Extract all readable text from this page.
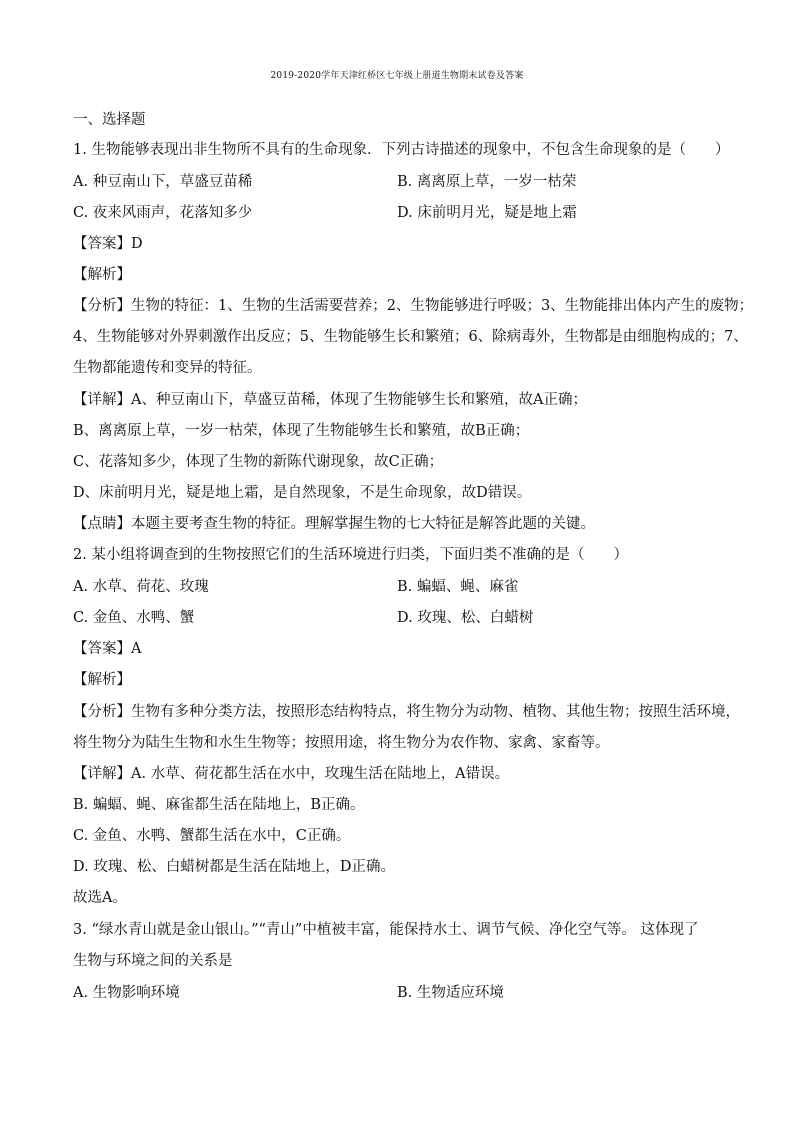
2019-2020学年天津红桥区七年级上册道生物期末试卷及答案
一、选择题
1. 生物能够表现出非生物所不具有的生命现象．下列古诗描述的现象中，不包含生命现象的是（　　）
A. 种豆南山下，草盛豆苗稀	B. 离离原上草，一岁一枯荣
C. 夜来风雨声，花落知多少	D. 床前明月光，疑是地上霜
【答案】D
【解析】
【分析】生物的特征：1、生物的生活需要营养；2、生物能够进行呼吸；3、生物能排出体内产生的废物；
4、生物能够对外界刺激作出反应；5、生物能够生长和繁殖；6、除病毒外，生物都是由细胞构成的；7、
生物都能遗传和变异的特征。
【详解】A、种豆南山下，草盛豆苗稀，体现了生物能够生长和繁殖，故A正确；
B、离离原上草，一岁一枯荣，体现了生物能够生长和繁殖，故B正确；
C、花落知多少，体现了生物的新陈代谢现象，故C正确；
D、床前明月光，疑是地上霜，是自然现象，不是生命现象，故D错误。
【点睛】本题主要考查生物的特征。理解掌握生物的七大特征是解答此题的关键。
2. 某小组将调查到的生物按照它们的生活环境进行归类，下面归类不准确的是（　　）
A. 水草、荷花、玫瑰	B. 蝙蝠、蝇、麻雀
C. 金鱼、水鸭、蟹	D. 玫瑰、松、白蜡树
【答案】A
【解析】
【分析】生物有多种分类方法，按照形态结构特点，将生物分为动物、植物、其他生物；按照生活环境，
将生物分为陆生生物和水生生物等；按照用途，将生物分为农作物、家禽、家畜等。
【详解】A. 水草、荷花都生活在水中，玫瑰生活在陆地上，A错误。
B. 蝙蝠、蝇、麻雀都生活在陆地上，B正确。
C. 金鱼、水鸭、蟹都生活在水中，C正确。
D. 玫瑰、松、白蜡树都是生活在陆地上，D正确。
故选A。
3. “绿水青山就是金山银山。”“青山”中植被丰富，能保持水土、调节气候、净化空气等。 这体现了
生物与环境之间的关系是
A. 生物影响环境	B. 生物适应环境
